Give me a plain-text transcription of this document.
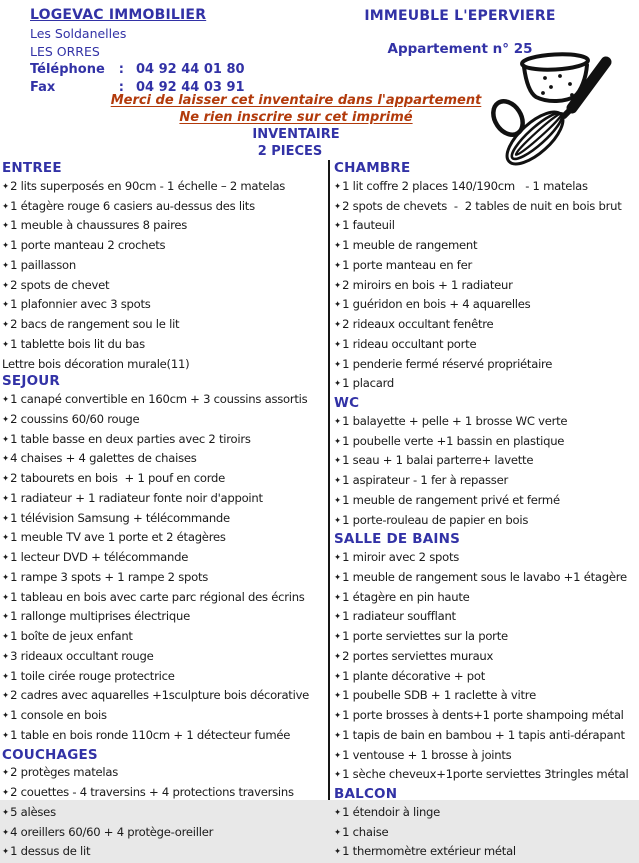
LOGEVAC IMMOBILIER
Les Soldanelles
LES ORRES
Téléphone : 04 92 44 01 80
Fax	: 04 92 44 03 91
IMMEUBLE L'EPERVIERE
Appartement n° 25
Merci de laisser cet inventaire dans l'appartement
Ne rien inscrire sur cet imprimé
INVENTAIRE
2 PIECES
ENTREE
✦2 lits superposés en 90cm - 1 échelle – 2 matelas
✦1 étagère rouge 6 casiers au-dessus des lits
✦1 meuble à chaussures 8 paires
✦1 porte manteau 2 crochets
✦1 paillasson
✦2 spots de chevet
✦1 plafonnier avec 3 spots
✦2 bacs de rangement sou le lit
✦1 tablette bois lit du bas
Lettre bois décoration murale(11)
SEJOUR
✦1 canapé convertible en 160cm + 3 coussins assortis
✦2 coussins 60/60 rouge
✦1 table basse en deux parties avec 2 tiroirs
✦4 chaises + 4 galettes de chaises
✦2 tabourets en bois  + 1 pouf en corde
✦1 radiateur + 1 radiateur fonte noir d'appoint
✦1 télévision Samsung + télécommande
✦1 meuble TV ave 1 porte et 2 étagères
✦1 lecteur DVD + télécommande
✦1 rampe 3 spots + 1 rampe 2 spots
✦1 tableau en bois avec carte parc régional des écrins
✦1 rallonge multiprises électrique
✦1 boîte de jeux enfant
✦3 rideaux occultant rouge
✦1 toile cirée rouge protectrice
✦2 cadres avec aquarelles +1sculpture bois décorative
✦1 console en bois
✦1 table en bois ronde 110cm + 1 détecteur fumée
COUCHAGES
✦2 protèges matelas
✦2 couettes - 4 traversins + 4 protections traversins
✦5 alèses
✦4 oreillers 60/60 + 4 protège-oreiller
✦1 dessus de lit
CHAMBRE
✦1 lit coffre 2 places 140/190cm   - 1 matelas
✦2 spots de chevets  -  2 tables de nuit en bois brut
✦1 fauteuil
✦1 meuble de rangement
✦1 porte manteau en fer
✦2 miroirs en bois + 1 radiateur
✦1 guéridon en bois + 4 aquarelles
✦2 rideaux occultant fenêtre
✦1 rideau occultant porte
✦1 penderie fermé réservé propriétaire
✦1 placard
WC
✦1 balayette + pelle + 1 brosse WC verte
✦1 poubelle verte +1 bassin en plastique
✦1 seau + 1 balai parterre+ lavette
✦1 aspirateur - 1 fer à repasser
✦1 meuble de rangement privé et fermé
✦1 porte-rouleau de papier en bois
SALLE DE BAINS
✦1 miroir avec 2 spots
✦1 meuble de rangement sous le lavabo +1 étagère
✦1 étagère en pin haute
✦1 radiateur soufflant
✦1 porte serviettes sur la porte
✦2 portes serviettes muraux
✦1 plante décorative + pot
✦1 poubelle SDB + 1 raclette à vitre
✦1 porte brosses à dents+1 porte shampoing métal
✦1 tapis de bain en bambou + 1 tapis anti-dérapant
✦1 ventouse + 1 brosse à joints
✦1 sèche cheveux+1porte serviettes 3tringles métal
BALCON
✦1 étendoir à linge
✦1 chaise
✦1 thermomètre extérieur métal
